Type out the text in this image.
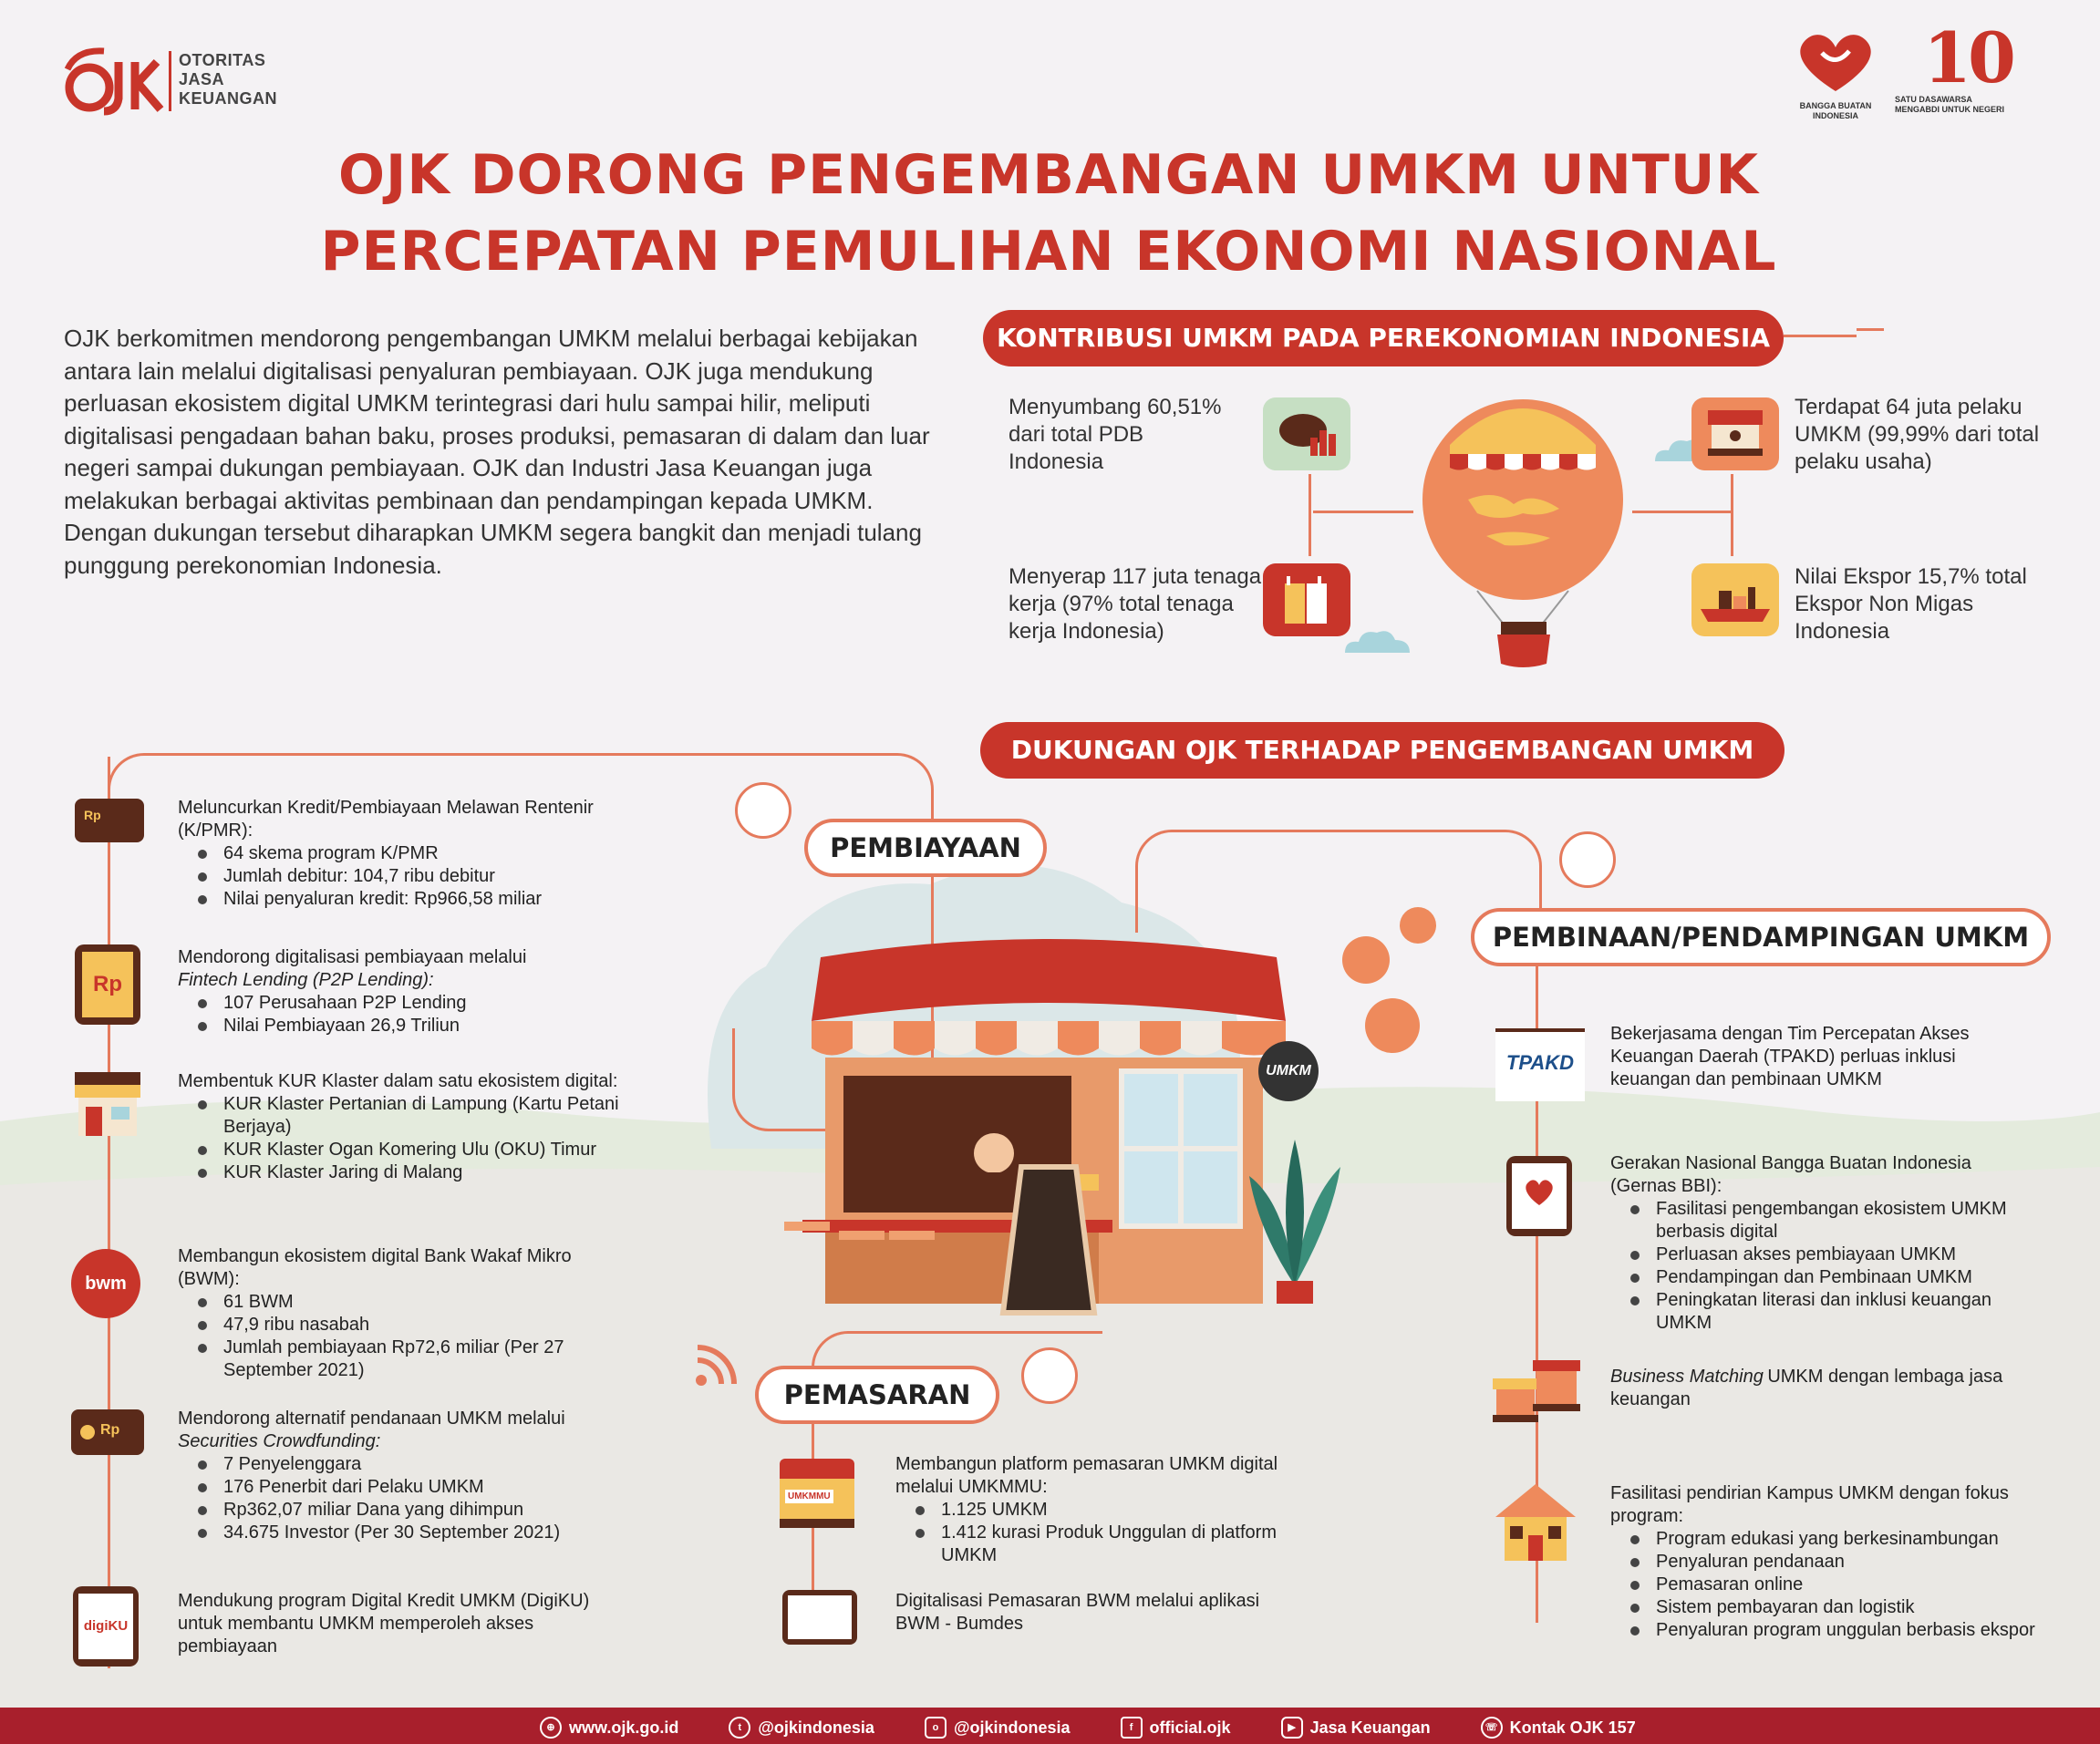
OTORITAS
JASA
KEUANGAN	BANGGA BUATAN INDONESIA
10
SATU DASAWARSA
MENGABDI UNTUK NEGERI
OJK DORONG PENGEMBANGAN UMKM UNTUK
PERCEPATAN PEMULIHAN EKONOMI NASIONAL
OJK berkomitmen mendorong pengembangan UMKM melalui berbagai kebijakan antara lain melalui digitalisasi penyaluran pembiayaan. OJK juga mendukung perluasan ekosistem digital UMKM terintegrasi dari hulu sampai hilir, meliputi digitalisasi pengadaan bahan baku, proses produksi, pemasaran di dalam dan luar negeri sampai dukungan pembiayaan. OJK dan Industri Jasa Keuangan juga melakukan berbagai aktivitas pembinaan dan pendampingan kepada UMKM. Dengan dukungan tersebut diharapkan UMKM segera bangkit dan menjadi tulang punggung perekonomian Indonesia.
KONTRIBUSI UMKM PADA PEREKONOMIAN INDONESIA
Menyumbang 60,51% dari total PDB Indonesia
Menyerap 117 juta tenaga kerja (97% total tenaga kerja Indonesia)
Terdapat 64 juta pelaku UMKM (99,99% dari total pelaku usaha)
Nilai Ekspor 15,7% total Ekspor Non Migas Indonesia
DUKUNGAN OJK TERHADAP PENGEMBANGAN UMKM
PEMBIAYAAN
PEMBINAAN/PENDAMPINGAN UMKM
PEMASARAN
UMKM
Rp	Meluncurkan Kredit/Pembiayaan Melawan Rentenir (K/PMR):
64 skema program K/PMR
Jumlah debitur: 104,7 ribu debitur
Nilai penyaluran kredit: Rp966,58 miliar
Rp
Mendorong digitalisasi pembiayaan melalui
Fintech Lending (P2P Lending):
107 Perusahaan P2P Lending
Nilai Pembiayaan 26,9 Triliun
Membentuk KUR Klaster dalam satu ekosistem digital:
KUR Klaster Pertanian di Lampung (Kartu Petani Berjaya)
KUR Klaster Ogan Komering Ulu (OKU) Timur
KUR Klaster Jaring di Malang
bwm
Membangun ekosistem digital Bank Wakaf Mikro (BWM):
61 BWM
47,9 ribu nasabah
Jumlah pembiayaan Rp72,6 miliar (Per 27 September 2021)
Rp
Mendorong alternatif pendanaan UMKM melalui
Securities Crowdfunding:
7 Penyelenggara
176 Penerbit dari Pelaku UMKM
Rp362,07 miliar Dana yang dihimpun
34.675 Investor (Per 30 September 2021)
digiKU
Mendukung program Digital Kredit UMKM (DigiKU) untuk membantu UMKM memperoleh akses pembiayaan
UMKMMU
Membangun platform pemasaran UMKM digital melalui UMKMMU:
1.125 UMKM
1.412 kurasi Produk Unggulan di platform UMKM
Digitalisasi Pemasaran BWM melalui aplikasi BWM - Bumdes
TPAKD
Bekerjasama dengan Tim Percepatan Akses Keuangan Daerah (TPAKD) perluas inklusi keuangan dan pembinaan UMKM
Gerakan Nasional Bangga Buatan Indonesia (Gernas BBI):
Fasilitasi pengembangan ekosistem UMKM berbasis digital
Perluasan akses pembiayaan UMKM
Pendampingan dan Pembinaan UMKM
Peningkatan literasi dan inklusi keuangan UMKM
Business Matching UMKM dengan lembaga jasa keuangan
Fasilitasi pendirian Kampus UMKM dengan fokus program:
Program edukasi yang berkesinambungan
Penyaluran pendanaan
Pemasaran online
Sistem pembayaran dan logistik
Penyaluran program unggulan berbasis ekspor
⊕ www.ojk.go.id
	t	@ojkindonesia
	o @ojkindonesia
	f	official.ojk
	▶ Jasa Keuangan
	☏ Kontak OJK 157
